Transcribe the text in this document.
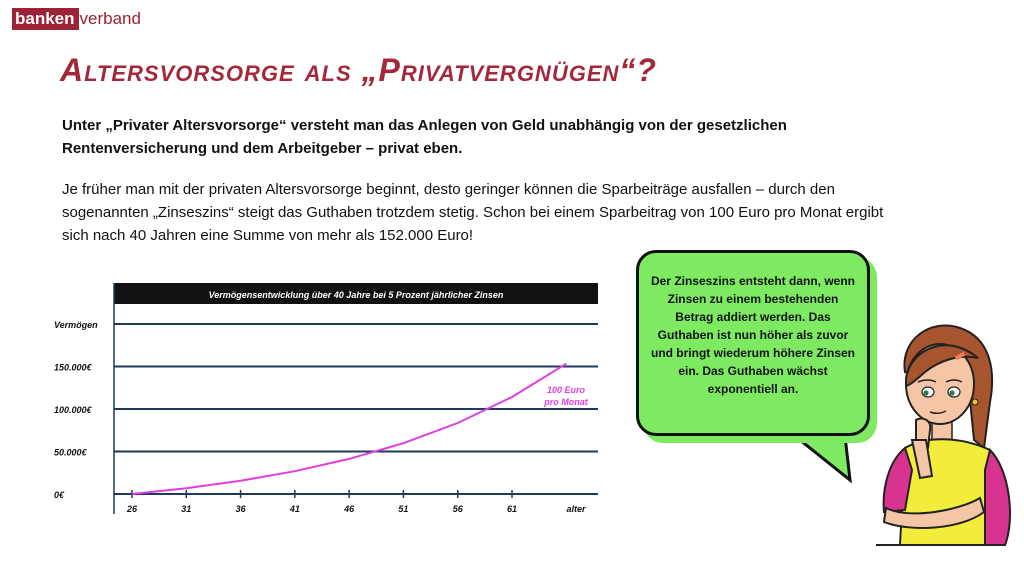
banken verband
Altersvorsorge als „Privatvergnügen“?
Unter „Privater Altersvorsorge“ versteht man das Anlegen von Geld unabhängig von der gesetzlichen Rentenversicherung und dem Arbeitgeber – privat eben.
Je früher man mit der privaten Altersvorsorge beginnt, desto geringer können die Sparbeiträge ausfallen – durch den sogenannten „Zinseszins“ steigt das Guthaben trotzdem stetig. Schon bei einem Sparbeitrag von 100 Euro pro Monat ergibt sich nach 40 Jahren eine Summe von mehr als 152.000 Euro!
Vermögensentwicklung über 40 Jahre bei 5 Prozent jährlicher Zinsen
150.000€
100.000€
50.000€
0€
Vermögen
26	31	36	41	46	51	56	61	alter
100 Euro
pro Monat
Der Zinseszins entsteht dann, wenn Zinsen zu einem bestehenden Betrag addiert werden. Das Guthaben ist nun höher als zuvor und bringt wiederum höhere Zinsen ein. Das Guthaben wächst exponentiell an.
